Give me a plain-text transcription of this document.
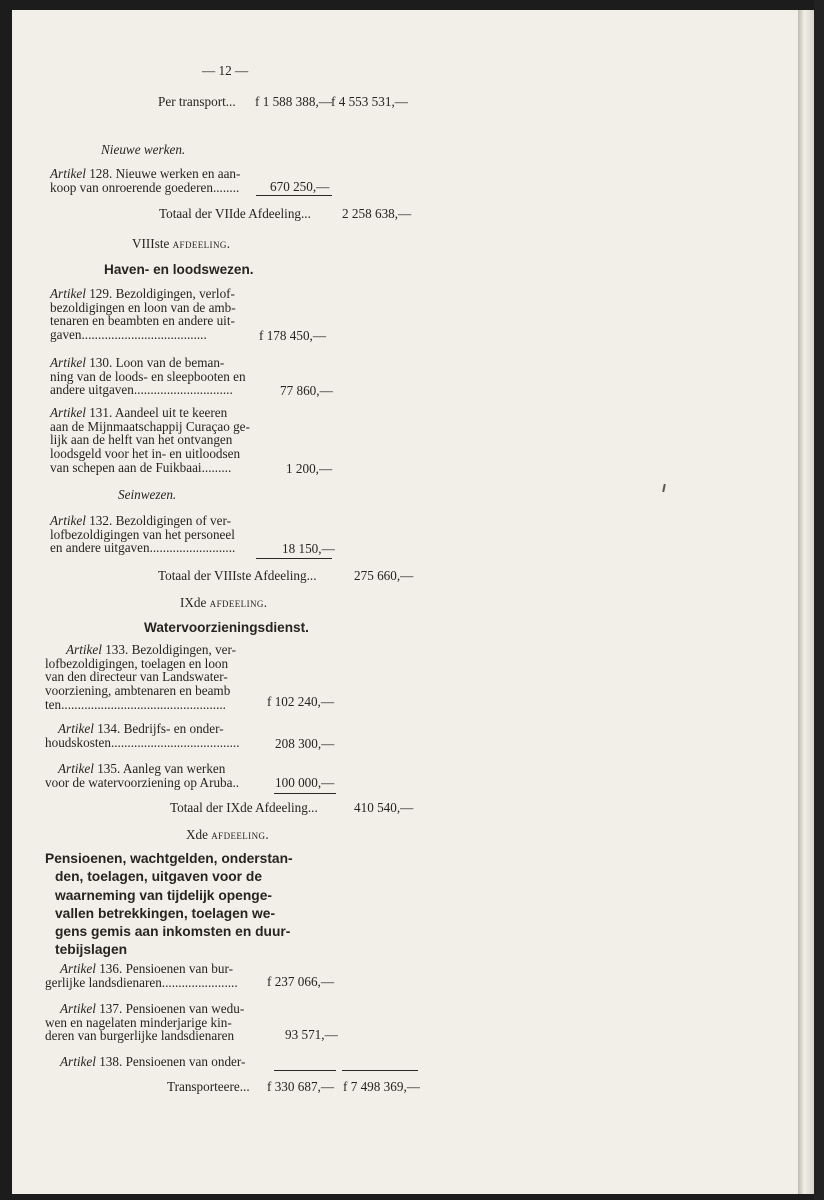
— 12 —
Per transport... f 1 588 388,— f 4 553 531,—
Nieuwe werken.
Artikel 128. Nieuwe werken en aan-
koop van onroerende goederen........ 670 250,—
Totaal der VIIde Afdeeling... 2 258 638,—
VIIIste afdeeling.
Haven- en loodswezen.
Artikel 129. Bezoldigingen, verlof-
bezoldigingen en loon van de amb-
tenaren en beambten en andere uit-
gaven......................................	f 178 450,—
Artikel 130. Loon van de beman-
ning van de loods- en sleepbooten en
andere uitgaven..............................	77 860,—
Artikel 131. Aandeel uit te keeren
aan de Mijnmaatschappij Curaçao ge-
lijk aan de helft van het ontvangen
loodsgeld voor het in- en uitloodsen
van schepen aan de Fuikbaai.........	1 200,—
Seinwezen.
Artikel 132. Bezoldigingen of ver-
lofbezoldigingen van het personeel
en andere uitgaven..........................	18 150,—
Totaal der VIIIste Afdeeling...	275 660,—
IXde afdeeling.
Watervoorzieningsdienst.
Artikel 133. Bezoldigingen, ver-
lofbezoldigingen, toelagen en loon
van den directeur van Landswater-
voorziening, ambtenaren en beamb
ten..................................................	f 102 240,—
Artikel 134. Bedrijfs- en onder-
houdskosten.......................................	208 300,—
Artikel 135. Aanleg van werken
voor de watervoorziening op Aruba..	100 000,—
Totaal der IXde Afdeeling...	410 540,—
Xde afdeeling.
Pensioenen, wachtgelden, onderstan-
den, toelagen, uitgaven voor de
waarneming van tijdelijk openge-
vallen betrekkingen, toelagen we-
gens gemis aan inkomsten en duur-
tebijslagen
Artikel 136. Pensioenen van bur-
gerlijke landsdienaren....................... f 237 066,—
Artikel 137. Pensioenen van wedu-
wen en nagelaten minderjarige kin-
deren van burgerlijke landsdienaren	93 571,—
Artikel 138. Pensioenen van onder-
Transporteere... f 330 687,— f 7 498 369,—
